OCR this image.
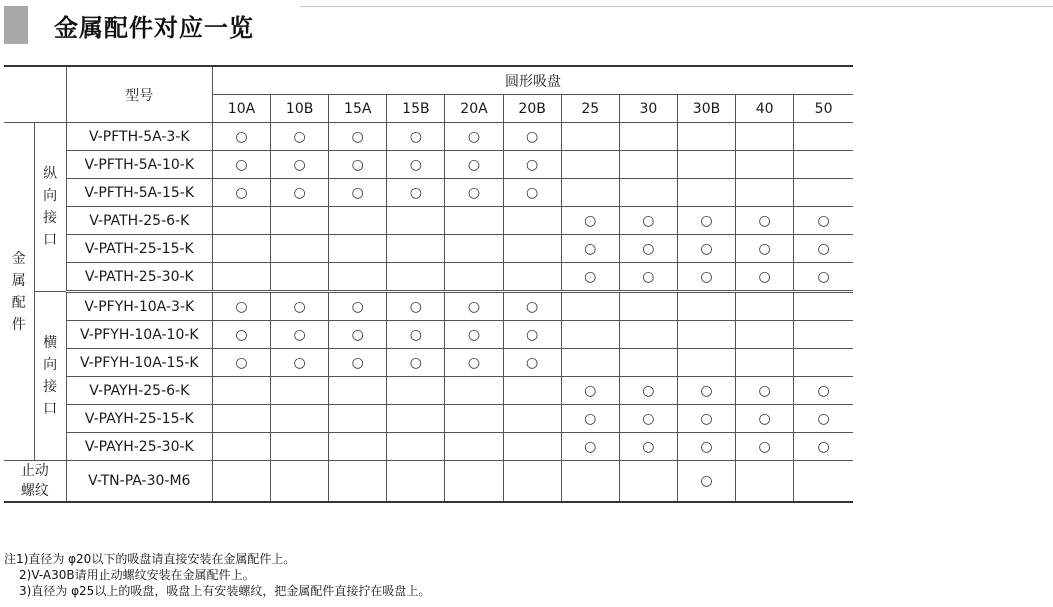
金属配件对应一览
		型号	圆形吸盘										
			10A	10B	15A	15B	20A	20B	25	30	30B	40	50

金
属
配
件	纵
向
接
口	V-PFTH-5A-3-K	○	○	○	○	○	○					
		V-PFTH-5A-10-K	○	○	○	○	○	○					
		V-PFTH-5A-15-K	○	○	○	○	○	○					
		V-PATH-25-6-K							○	○	○	○	○
		V-PATH-25-15-K							○	○	○	○	○
		V-PATH-25-30-K							○	○	○	○	○

	横
向
接
口	V-PFYH-10A-3-K	○	○	○	○	○	○					
		V-PFYH-10A-10-K	○	○	○	○	○	○					
		V-PFYH-10A-15-K	○	○	○	○	○	○					
		V-PAYH-25-6-K							○	○	○	○	○
		V-PAYH-25-15-K							○	○	○	○	○
		V-PAYH-25-30-K							○	○	○	○	○

止动
螺纹		V-TN-PA-30-M6									○		
注1)直径为 φ20以下的吸盘请直接安装在金属配件上。
2)V-A30B请用止动螺纹安装在金属配件上。
3)直径为 φ25以上的吸盘，吸盘上有安装螺纹，把金属配件直接拧在吸盘上。
